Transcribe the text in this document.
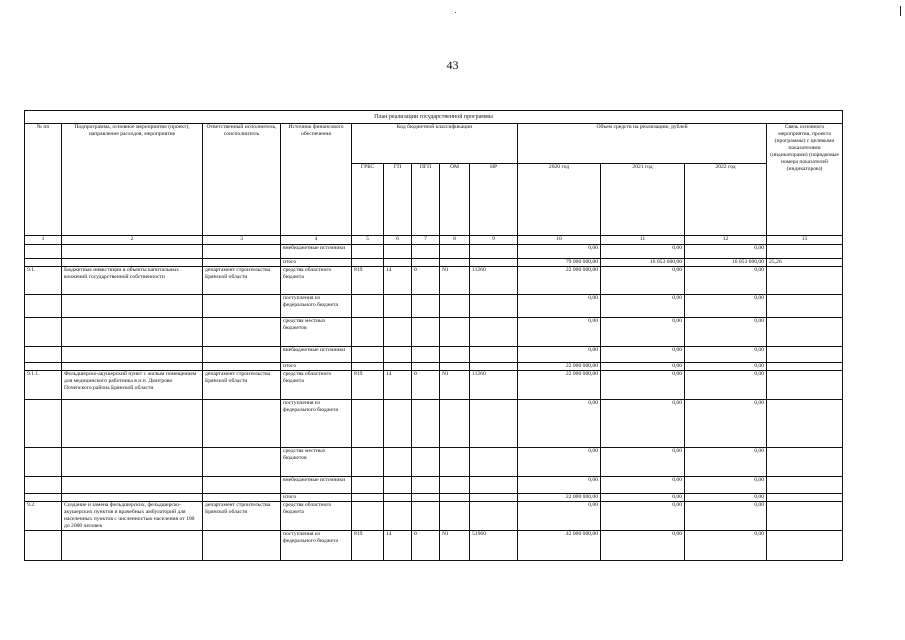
43
План реализации государственной программы
№ пп	Подпрограмма, основное мероприятие (проект), направление расходов, мероприятие	Ответственный исполнитель, соисполнитель	Источник финансового обеспечения	Код бюджетной классификации					Объем средств на реализацию, рублей			Связь основного мероприятия, проекта (программы) с целевыми показателями (индикаторами) (порядковые номера показателей (индикаторов))
				ГРБС	ГП	ПГП	ОМ	НР	2020 год	2021 год	2022 год	
1	2	3	4	5	6	7	8	9	10	11	12	13
			внебюджетные источники						0,00	0,00	0,00	
			итого						79 000 000,00	16 053 600,00	16 053 600,00	25,26
9.1.	Бюджетные инвестиции в объекты капитальных вложений государственной собственности	департамент строительства Брянской области	средства областного бюджета	819	14	0	N1	11260	22 000 000,00	0,00	0,00	
			поступления из федерального бюджета						0,00	0,00	0,00	
			средства местных бюджетов						0,00	0,00	0,00	
			внебюджетные источники						0,00	0,00	0,00	
			итого						22 000 000,00	0,00	0,00	
9.1.1.	Фельдшерско-акушерский пункт с жилым помещением для медицинского работника в н.п. Дмитрово Почепского района Брянской области	департамент строительства Брянской области	средства областного бюджета	819	14	0	N1	11260	22 000 000,00	0,00	0,00	
			поступления из федерального бюджета						0,00	0,00	0,00	
			средства местных бюджетов						0,00	0,00	0,00	
			внебюджетные источники						0,00	0,00	0,00	
			итого						22 000 000,00	0,00	0,00	
9.2.	Создание и замена фельдшерских, фельдшерско-акушерских пунктов и врачебных амбулаторий для населенных пунктов с численностью населения от 100 до 2000 человек	департамент строительства Брянской области	средства областного бюджета						0,00	0,00	0,00	
			поступления из федерального бюджета	819	14	0	N1	51960	42 000 000,00	0,00	0,00	
